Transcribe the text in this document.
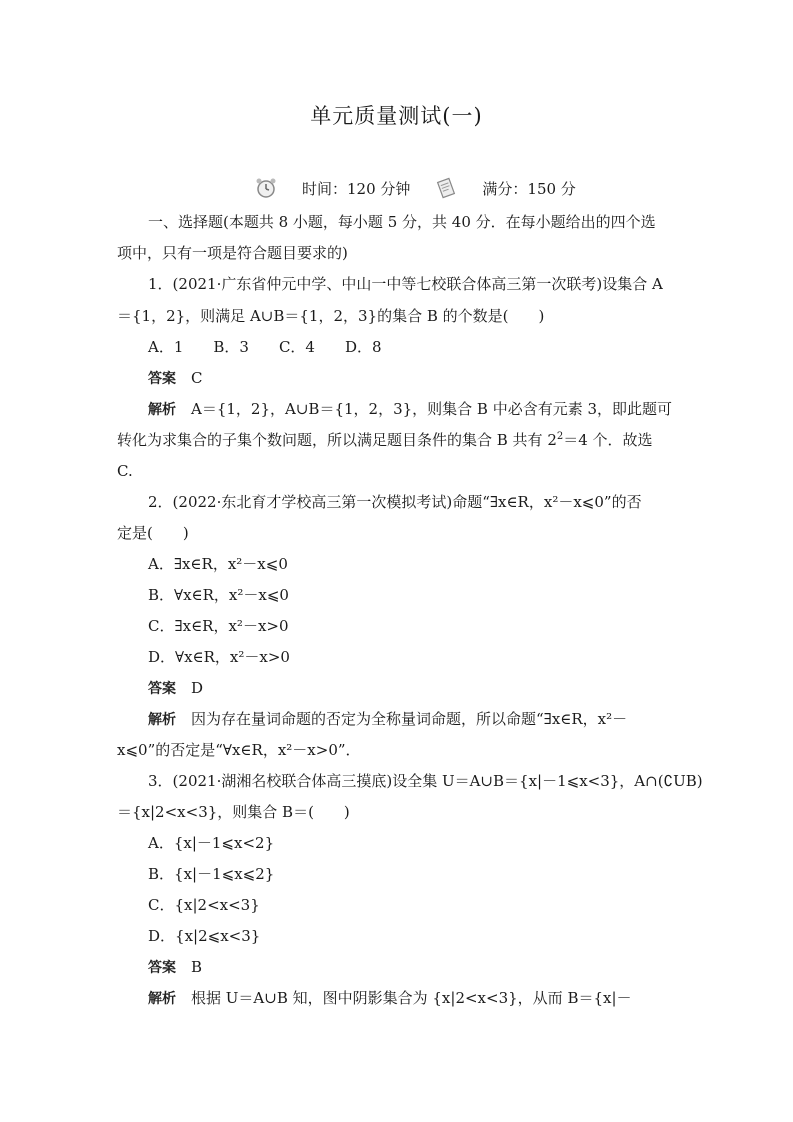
单元质量测试(一)
时间：120 分钟	满分：150 分
一、选择题(本题共 8 小题，每小题 5 分，共 40 分．在每小题给出的四个选
项中，只有一项是符合题目要求的)
1．(2021·广东省仲元中学、中山一中等七校联合体高三第一次联考)设集合 A
＝{1，2}，则满足 A∪B＝{1，2，3}的集合 B 的个数是(　　)
A．1　　B．3　　C．4　　D．8
答案　 C
解析　 A＝{1，2}，A∪B＝{1，2，3}，则集合 B 中必含有元素 3，即此题可
转化为求集合的子集个数问题，所以满足题目条件的集合 B 共有 $2^2=4$ 个．故选
C.
2．(2022·东北育才学校高三第一次模拟考试)命题“∃x∈R，x²－x⩽0”的否
定是(　　)
A．∃x∈R，x²－x⩽0
B．∀x∈R，x²－x⩽0
C．∃x∈R，x²－x>0
D．∀x∈R，x²－x>0
答案　 D
解析　 因为存在量词命题的否定为全称量词命题，所以命题“∃x∈R，x²－
x⩽0”的否定是“∀x∈R，x²－x>0”．
3．(2021·湖湘名校联合体高三摸底)设全集 U＝A∪B＝{x|－1⩽x<3}，A∩(∁UB)
＝{x|2<x<3}，则集合 B＝(　　)
A．{x|－1⩽x<2}
B．{x|－1⩽x⩽2}
C．{x|2<x<3}
D．{x|2⩽x<3}
答案　 B
解析　 根据 U＝A∪B 知，图中阴影集合为 {x|2<x<3}，从而 B＝{x|－
